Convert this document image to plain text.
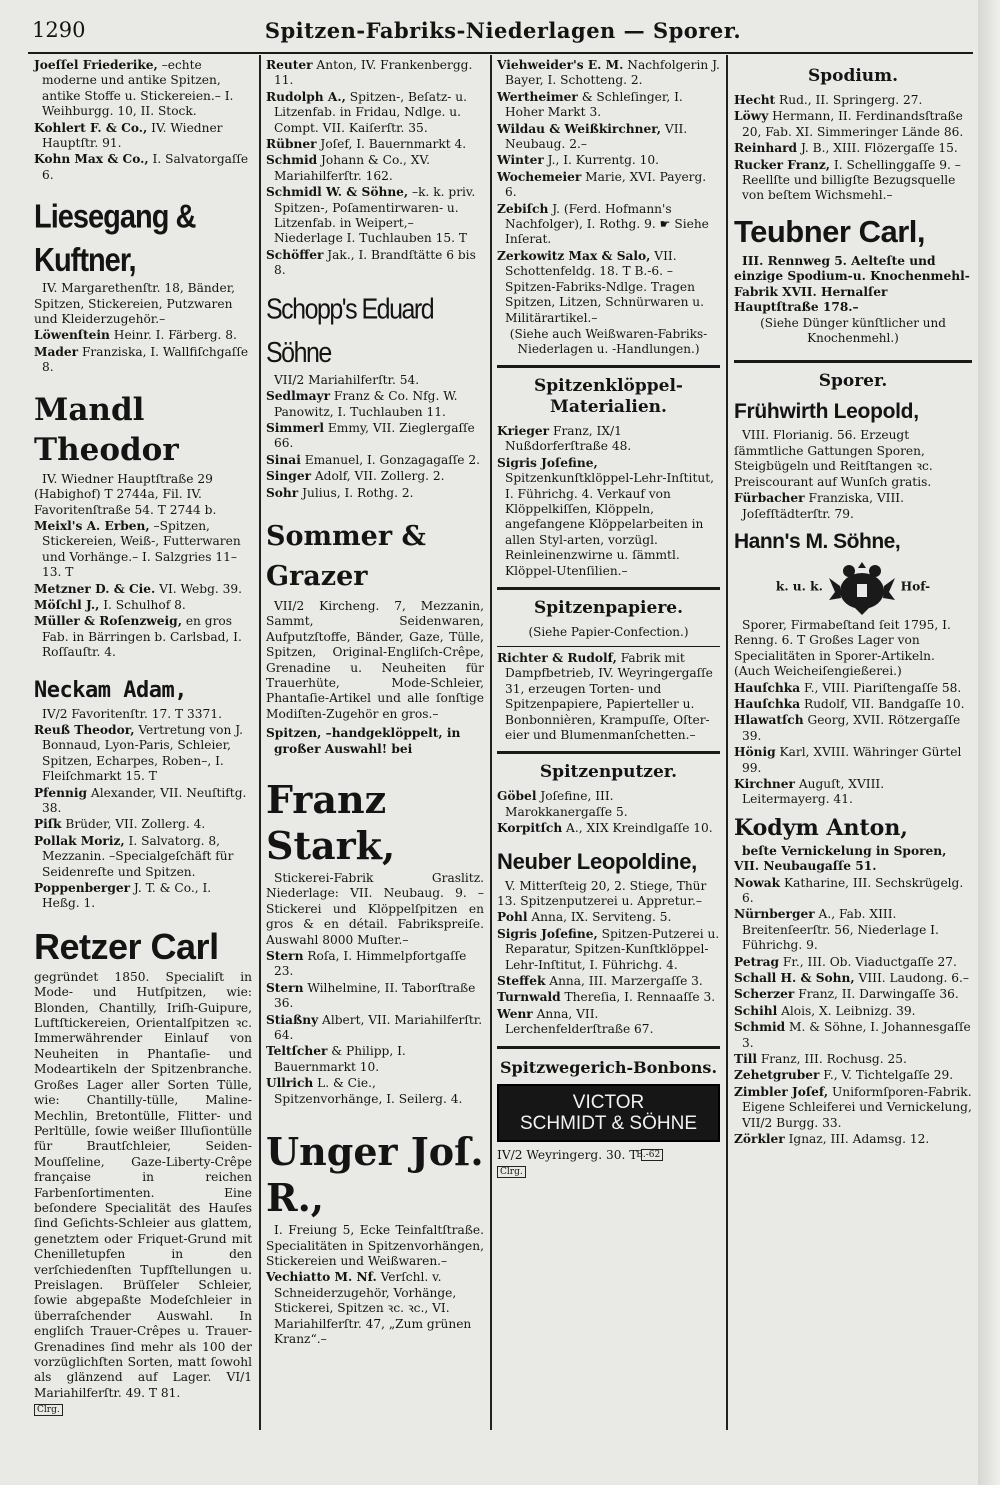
1290	Spitzen-Fabriks-Niederlagen — Sporer.
Joeſſel Friederike, –echte moderne und antike Spitzen, antike Stoffe u. Stickereien.– I. Weihburgg. 10, II. Stock.
Kohlert F. & Co., IV. Wiedner Hauptſtr. 91.
Kohn Max & Co., I. Salvatorgaſſe 6.
Liesegang & Kuftner,
IV. Margarethenſtr. 18, Bänder, Spitzen, Stickereien, Putzwaren und Kleiderzugehör.–
Löwenſtein Heinr. I. Färberg. 8.
Mader Franziska, I. Wallfiſchgaſſe 8.
Mandl Theodor
IV. Wiedner Hauptſtraße 29 (Habighof) T 2744a, Fil. IV. Favoritenſtraße 54. T 2744 b.
Meixl's A. Erben, –Spitzen, Stickereien, Weiß-, Futterwaren und Vorhänge.– I. Salzgries 11–13. T
Metzner D. & Cie. VI. Webg. 39.
Möſchl J., I. Schulhof 8.
Müller & Roſenzweig, en gros Fab. in Bärringen b. Carlsbad, I. Roſſauſtr. 4.
Neckam Adam,
IV/2 Favoritenſtr. 17. T 3371.
Reuß Theodor, Vertretung von J. Bonnaud, Lyon-Paris, Schleier, Spitzen, Echarpes, Roben–, I. Fleiſchmarkt 15. T
Pfennig Alexander, VII. Neuſtiftg. 38.
Piſk Brüder, VII. Zollerg. 4.
Pollak Moriz, I. Salvatorg. 8, Mezzanin. –Specialgeſchäft für Seidenreſte und Spitzen.
Poppenberger J. T. & Co., I. Heßg. 1.
Retzer Carl
gegründet 1850. Specialiſt in Mode- und Hutſpitzen, wie: Blonden, Chantilly, Iriſh-Guipure, Luftſtickereien, Orientalſpitzen ꝛc. Immerwährender Einlauf von Neuheiten in Phantaſie- und Modeartikeln der Spitzenbranche. Großes Lager aller Sorten Tülle, wie: Chantilly-tülle, Maline-Mechlin, Bretontülle, Flitter- und Perltülle, ſowie weißer Illuſiontülle für Brautſchleier, Seiden-Mouſſeline, Gaze-Liberty-Crêpe française in reichen Farbenſortimenten. Eine beſondere Specialität des Hauſes ſind Geſichts-Schleier aus glattem, genetztem oder Friquet-Grund mit Chenilletupfen in den verſchiedenſten Tupfſtellungen u. Preislagen. Brüſſeler Schleier, ſowie abgepaßte Modeſchleier in überraſchender Auswahl. In engliſch Trauer-Crêpes u. Trauer-Grenadines ſind mehr als 100 der vorzüglichſten Sorten, matt ſowohl als glänzend auf Lager. VI/1 Mariahilferſtr. 49. T 81.
Clrg.
Reuter Anton, IV. Frankenbergg. 11.
Rudolph A., Spitzen-, Beſatz- u. Litzenfab. in Fridau, Ndlge. u. Compt. VII. Kaiſerſtr. 35.
Rübner Joſef, I. Bauernmarkt 4.
Schmid Johann & Co., XV. Mariahilferſtr. 162.
Schmidl W. & Söhne, –k. k. priv. Spitzen-, Poſamentirwaren- u. Litzenfab. in Weipert,– Niederlage I. Tuchlauben 15. T
Schöffer Jak., I. Brandſtätte 6 bis 8.
Schopp's Eduard Söhne
VII/2 Mariahilferſtr. 54.
Sedlmayr Franz & Co. Nfg. W. Panowitz, I. Tuchlauben 11.
Simmerl Emmy, VII. Zieglergaſſe 66.
Sinai Emanuel, I. Gonzagagaſſe 2.
Singer Adolf, VII. Zollerg. 2.
Sohr Julius, I. Rothg. 2.
Sommer & Grazer
VII/2 Kircheng. 7, Mezzanin, Sammt, Seidenwaren, Aufputzſtoffe, Bänder, Gaze, Tülle, Spitzen, Original-Engliſch-Crêpe, Grenadine u. Neuheiten für Trauerhüte, Mode-Schleier, Phantaſie-Artikel und alle ſonſtige Modiſten-Zugehör en gros.–
Spitzen, –handgeklöppelt, in großer Auswahl! bei
Franz Stark,
Stickerei-Fabrik Graslitz. Niederlage: VII. Neubaug. 9. –Stickerei und Klöppelſpitzen en gros & en détail. Fabrikspreiſe. Auswahl 8000 Muſter.–
Stern Roſa, I. Himmelpfortgaſſe 23.
Stern Wilhelmine, II. Taborſtraße 36.
Stiaßny Albert, VII. Mariahilferſtr. 64.
Teltſcher & Philipp, I. Bauernmarkt 10.
Ullrich L. & Cie., Spitzenvorhänge, I. Seilerg. 4.
Unger Joſ. R.,
I. Freiung 5, Ecke Teinfaltſtraße. Specialitäten in Spitzenvorhängen, Stickereien und Weißwaren.–
Vechiatto M. Nf. Verſchl. v. Schneiderzugehör, Vorhänge, Stickerei, Spitzen ꝛc. ꝛc., VI. Mariahilferſtr. 47, „Zum grünen Kranz“.–
Viehweider's E. M. Nachfolgerin J. Bayer, I. Schotteng. 2.
Wertheimer & Schleſinger, I. Hoher Markt 3.
Wildau & Weißkirchner, VII. Neubaug. 2.–
Winter J., I. Kurrentg. 10.
Wochemeier Marie, XVI. Payerg. 6.
Zebiſch J. (Ferd. Hofmann's Nachfolger), I. Rothg. 9. ☛ Siehe Inſerat.
Zerkowitz Max & Salo, VII. Schottenfeldg. 18. T B.-6. –Spitzen-Fabriks-Ndlge. Tragen Spitzen, Litzen, Schnürwaren u. Militärartikel.–
(Siehe auch Weißwaren-Fabriks-Niederlagen u. -Handlungen.)
Spitzenklöppel-Materialien.
Krieger Franz, IX/1 Nußdorferſtraße 48.
Sigris Joſefine, Spitzenkunſtklöppel-Lehr-Inſtitut, I. Führichg. 4. Verkauf von Klöppelkiſſen, Klöppeln, angefangene Klöppelarbeiten in allen Styl-arten, vorzügl. Reinleinenzwirne u. ſämmtl. Klöppel-Utenſilien.–
Spitzenpapiere.
(Siehe Papier-Confection.)
Richter & Rudolf, Fabrik mit Dampfbetrieb, IV. Weyringergaſſe 31, erzeugen Torten- und Spitzenpapiere, Papierteller u. Bonbonnièren, Krampuſſe, Oſter-eier und Blumenmanſchetten.–
Spitzenputzer.
Göbel Joſefine, III. Marokkanergaſſe 5.
Korpitſch A., XIX Kreindlgaſſe 10.
Neuber Leopoldine,
V. Mitterſteig 20, 2. Stiege, Thür 13. Spitzenputzerei u. Appretur.–
Pohl Anna, IX. Serviteng. 5.
Sigris Joſefine, Spitzen-Putzerei u. Reparatur, Spitzen-Kunſtklöppel-Lehr-Inſtitut, I. Führichg. 4.
Steffek Anna, III. Marzergaſſe 3.
Turnwald Thereſia, I. Rennaaſſe 3.
Wenr Anna, VII. Lerchenfelderſtraße 67.
Spitzwegerich-Bonbons.
VICTOR
SCHMIDT & SÖHNE
IV/2 Weyringerg. 30. T B.-62
Clrg.
Spodium.
Hecht Rud., II. Springerg. 27.
Löwy Hermann, II. Ferdinandsſtraße 20, Fab. XI. Simmeringer Lände 86.
Reinhard J. B., XIII. Flözergaſſe 15.
Rucker Franz, I. Schellinggaſſe 9. –Reellſte und billigſte Bezugsquelle von beſtem Wichsmehl.–
Teubner Carl,
III. Rennweg 5. Aelteſte und einzige Spodium-u. Knochenmehl-Fabrik XVII. Hernalſer Hauptſtraße 178.–
(Siehe Dünger künſtlicher und Knochenmehl.)
Sporer.
Frühwirth Leopold,
VIII. Florianig. 56. Erzeugt ſämmtliche Gattungen Sporen, Steigbügeln und Reitſtangen ꝛc. Preiscourant auf Wunſch gratis.
Fürbacher Franziska, VIII. Joſefſtädterſtr. 79.
Hann's M. Söhne,
k. u. k.	Hof-
Sporer, Firmabeſtand ſeit 1795, I. Renng. 6. T Großes Lager von Specialitäten in Sporer-Artikeln. (Auch Weicheiſengießerei.)
Hauſchka F., VIII. Piariſtengaſſe 58.
Hauſchka Rudolf, VII. Bandgaſſe 10.
Hlawatſch Georg, XVII. Rötzergaſſe 39.
Hönig Karl, XVIII. Währinger Gürtel 99.
Kirchner Auguſt, XVIII. Leitermayerg. 41.
Kodym Anton,
beſte Vernickelung in Sporen, VII. Neubaugaſſe 51.
Nowak Katharine, III. Sechskrügelg. 6.
Nürnberger A., Fab. XIII. Breitenſeerſtr. 56, Niederlage I. Führichg. 9.
Petrag Fr., III. Ob. Viaductgaſſe 27.
Schall H. & Sohn, VIII. Laudong. 6.–
Scherzer Franz, II. Darwingaſſe 36.
Schihl Alois, X. Leibnizg. 39.
Schmid M. & Söhne, I. Johannesgaſſe 3.
Till Franz, III. Rochusg. 25.
Zehetgruber F., V. Tichtelgaſſe 29.
Zimbler Joſef, Uniformſporen-Fabrik. Eigene Schleiferei und Vernickelung, VII/2 Burgg. 33.
Zörkler Ignaz, III. Adamsg. 12.
